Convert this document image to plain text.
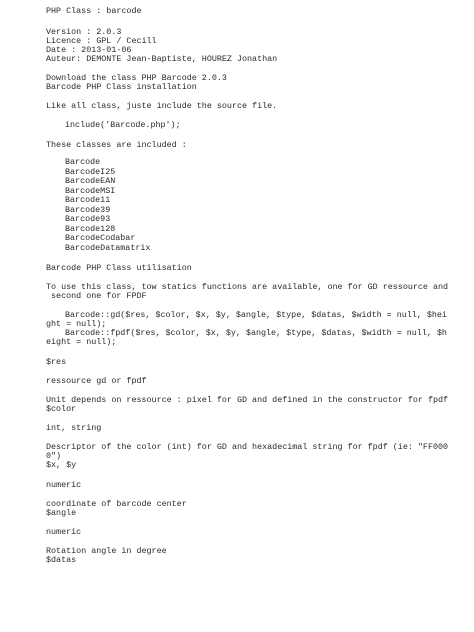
PHP Class : barcode

Version : 2.0.3

Licence : GPL / Cecill

Date : 2013-01-06

Auteur: DEMONTE Jean-Baptiste, HOUREZ Jonathan

Download the class PHP Barcode 2.0.3

Barcode PHP Class installation

Like all class, juste include the source file.

include('Barcode.php');

These classes are included :

Barcode

BarcodeI25

BarcodeEAN

BarcodeMSI

Barcode11

Barcode39

Barcode93

Barcode128

BarcodeCodabar

BarcodeDatamatrix

Barcode PHP Class utilisation

To use this class, tow statics functions are available, one for GD ressource and

second one for FPDF

Barcode::gd($res, $color, $x, $y, $angle, $type, $datas, $width = null, $hei

ght = null);

Barcode::fpdf($res, $color, $x, $y, $angle, $type, $datas, $width = null, $h

eight = null);

$res

ressource gd or fpdf

Unit depends on ressource : pixel for GD and defined in the constructor for fpdf

$color

int, string

Descriptor of the color (int) for GD and hexadecimal string for fpdf (ie: "FF000

0")

$x, $y

numeric

coordinate of barcode center

$angle

numeric

Rotation angle in degree

$datas
